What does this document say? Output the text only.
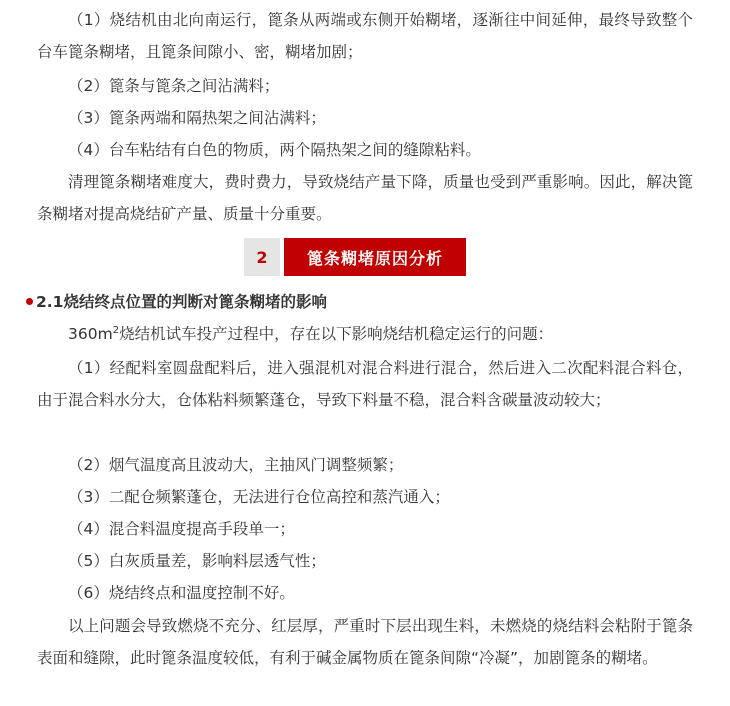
（1）烧结机由北向南运行，篦条从两端或东侧开始糊堵，逐渐往中间延伸，最终导致整个台车篦条糊堵，且篦条间隙小、密，糊堵加剧；

（2）篦条与篦条之间沾满料；

（3）篦条两端和隔热架之间沾满料；

（4）台车粘结有白色的物质，两个隔热架之间的缝隙粘料。

清理篦条糊堵难度大，费时费力，导致烧结产量下降，质量也受到严重影响。因此，解决篦条糊堵对提高烧结矿产量、质量十分重要。

2	篦条糊堵原因分析

2.1烧结终点位置的判断对篦条糊堵的影响

$360m^2$烧结机试车投产过程中，存在以下影响烧结机稳定运行的问题：

（1）经配料室圆盘配料后，进入强混机对混合料进行混合，然后进入二次配料混合料仓，由于混合料水分大，仓体粘料频繁蓬仓，导致下料量不稳，混合料含碳量波动较大；

（2）烟气温度高且波动大，主抽风门调整频繁；

（3）二配仓频繁蓬仓，无法进行仓位高控和蒸汽通入；

（4）混合料温度提高手段单一；

（5）白灰质量差，影响料层透气性；

（6）烧结终点和温度控制不好。

以上问题会导致燃烧不充分、红层厚，严重时下层出现生料，未燃烧的烧结料会粘附于篦条表面和缝隙，此时篦条温度较低，有利于碱金属物质在篦条间隙“冷凝”，加剧篦条的糊堵。
